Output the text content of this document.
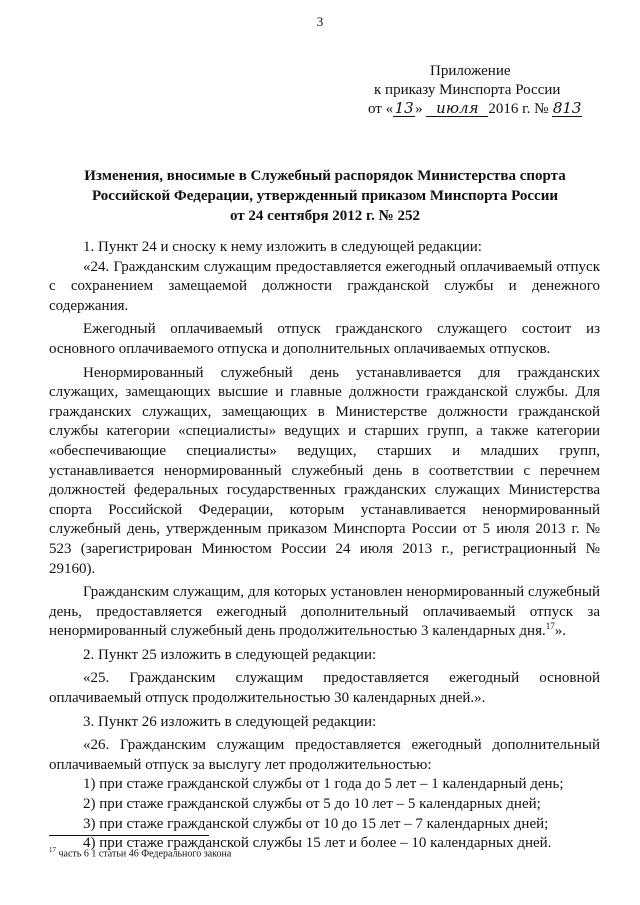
3
Приложение
к приказу Минспорта России
от «13» июля 2016 г. № 813
Изменения, вносимые в Служебный распорядок Министерства спорта
Российской Федерации, утвержденный приказом Минспорта России
от 24 сентября 2012 г. № 252

1. Пункт 24 и сноску к нему изложить в следующей редакции:

«24. Гражданским служащим предоставляется ежегодный оплачиваемый отпуск с сохранением замещаемой должности гражданской службы и денежного содержания.

Ежегодный оплачиваемый отпуск гражданского служащего состоит из основного оплачиваемого отпуска и дополнительных оплачиваемых отпусков.

Ненормированный служебный день устанавливается для гражданских служащих, замещающих высшие и главные должности гражданской службы. Для гражданских служащих, замещающих в Министерстве должности гражданской службы категории «специалисты» ведущих и старших групп, а также категории «обеспечивающие специалисты» ведущих, старших и младших групп, устанавливается ненормированный служебный день в соответствии с перечнем должностей федеральных государственных гражданских служащих Министерства спорта Российской Федерации, которым устанавливается ненормированный служебный день, утвержденным приказом Минспорта России от 5 июля 2013 г. № 523 (зарегистрирован Минюстом России 24 июля 2013 г., регистрационный № 29160).

Гражданским служащим, для которых установлен ненормированный служебный день, предоставляется ежегодный дополнительный оплачиваемый отпуск за ненормированный служебный день продолжительностью 3 календарных дня.$^{17}$».

2. Пункт 25 изложить в следующей редакции:

«25. Гражданским служащим предоставляется ежегодный основной оплачиваемый отпуск продолжительностью 30 календарных дней.».

3. Пункт 26 изложить в следующей редакции:

«26. Гражданским служащим предоставляется ежегодный дополнительный оплачиваемый отпуск за выслугу лет продолжительностью:

1) при стаже гражданской службы от 1 года до 5 лет – 1 календарный день;

2) при стаже гражданской службы от 5 до 10 лет – 5 календарных дней;

3) при стаже гражданской службы от 10 до 15 лет – 7 календарных дней;

4) при стаже гражданской службы 15 лет и более – 10 календарных дней.

$^{17}$ часть 6 1 статьи 46 Федерального закона
